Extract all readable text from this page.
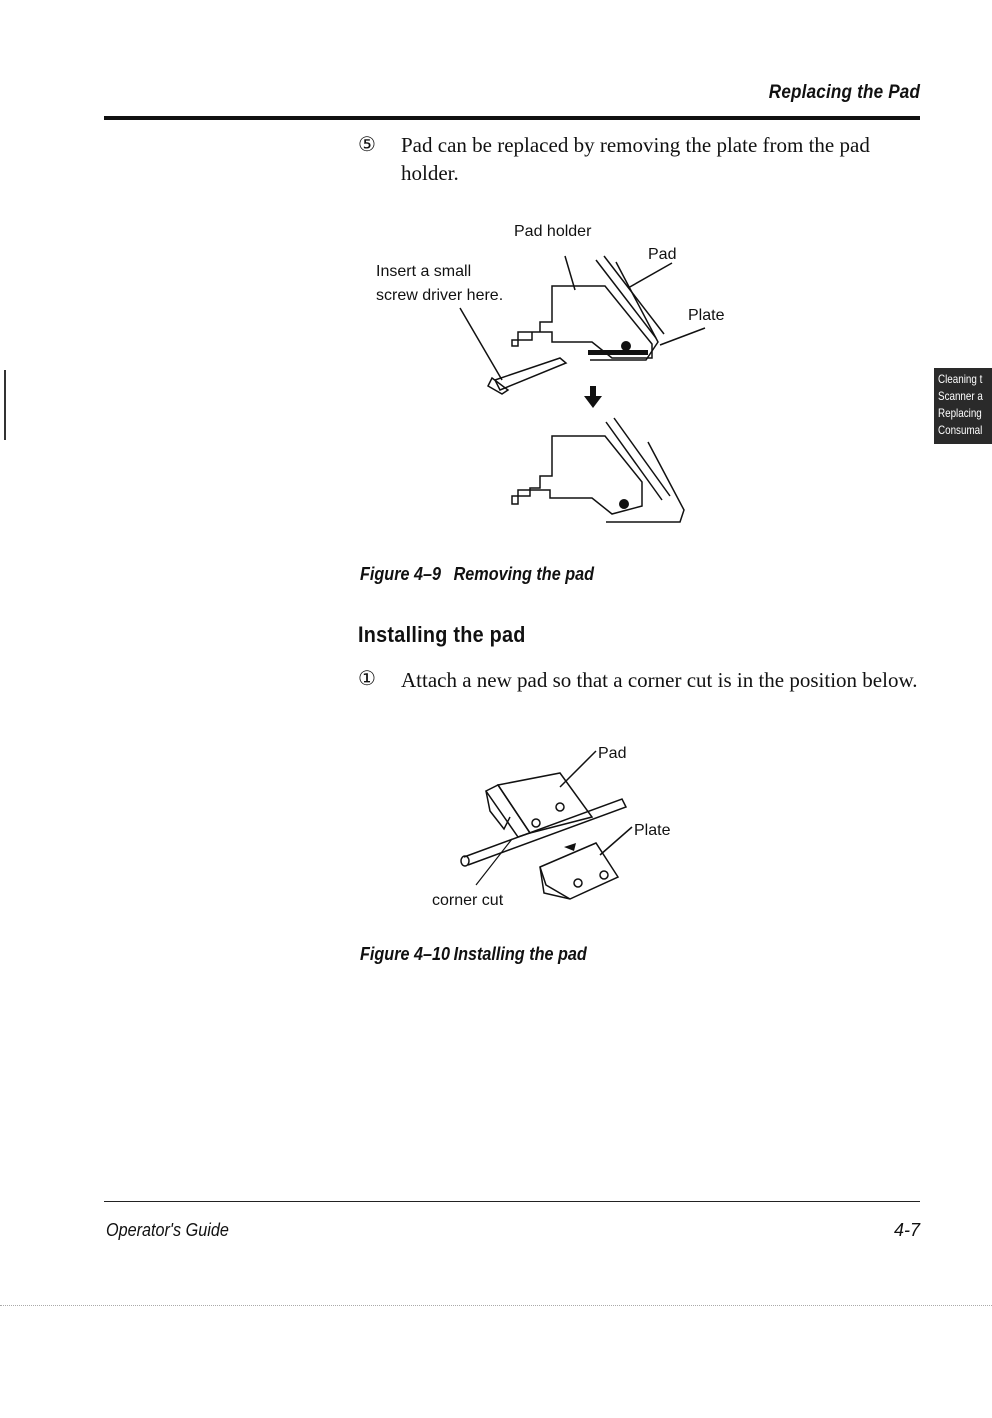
Replacing the Pad
Cleaning t
Scanner a
Replacing
Consumal
⑤ Pad can be replaced by removing the plate from the pad
holder.
Pad holder
Pad
Insert a small
screw driver here.
Plate
Figure 4–9 Removing the pad
Installing the pad
① Attach a new pad so that a corner cut is in the position below.
Pad
Plate
corner cut
Figure 4–10 Installing the pad
Operator's Guide	4-7
